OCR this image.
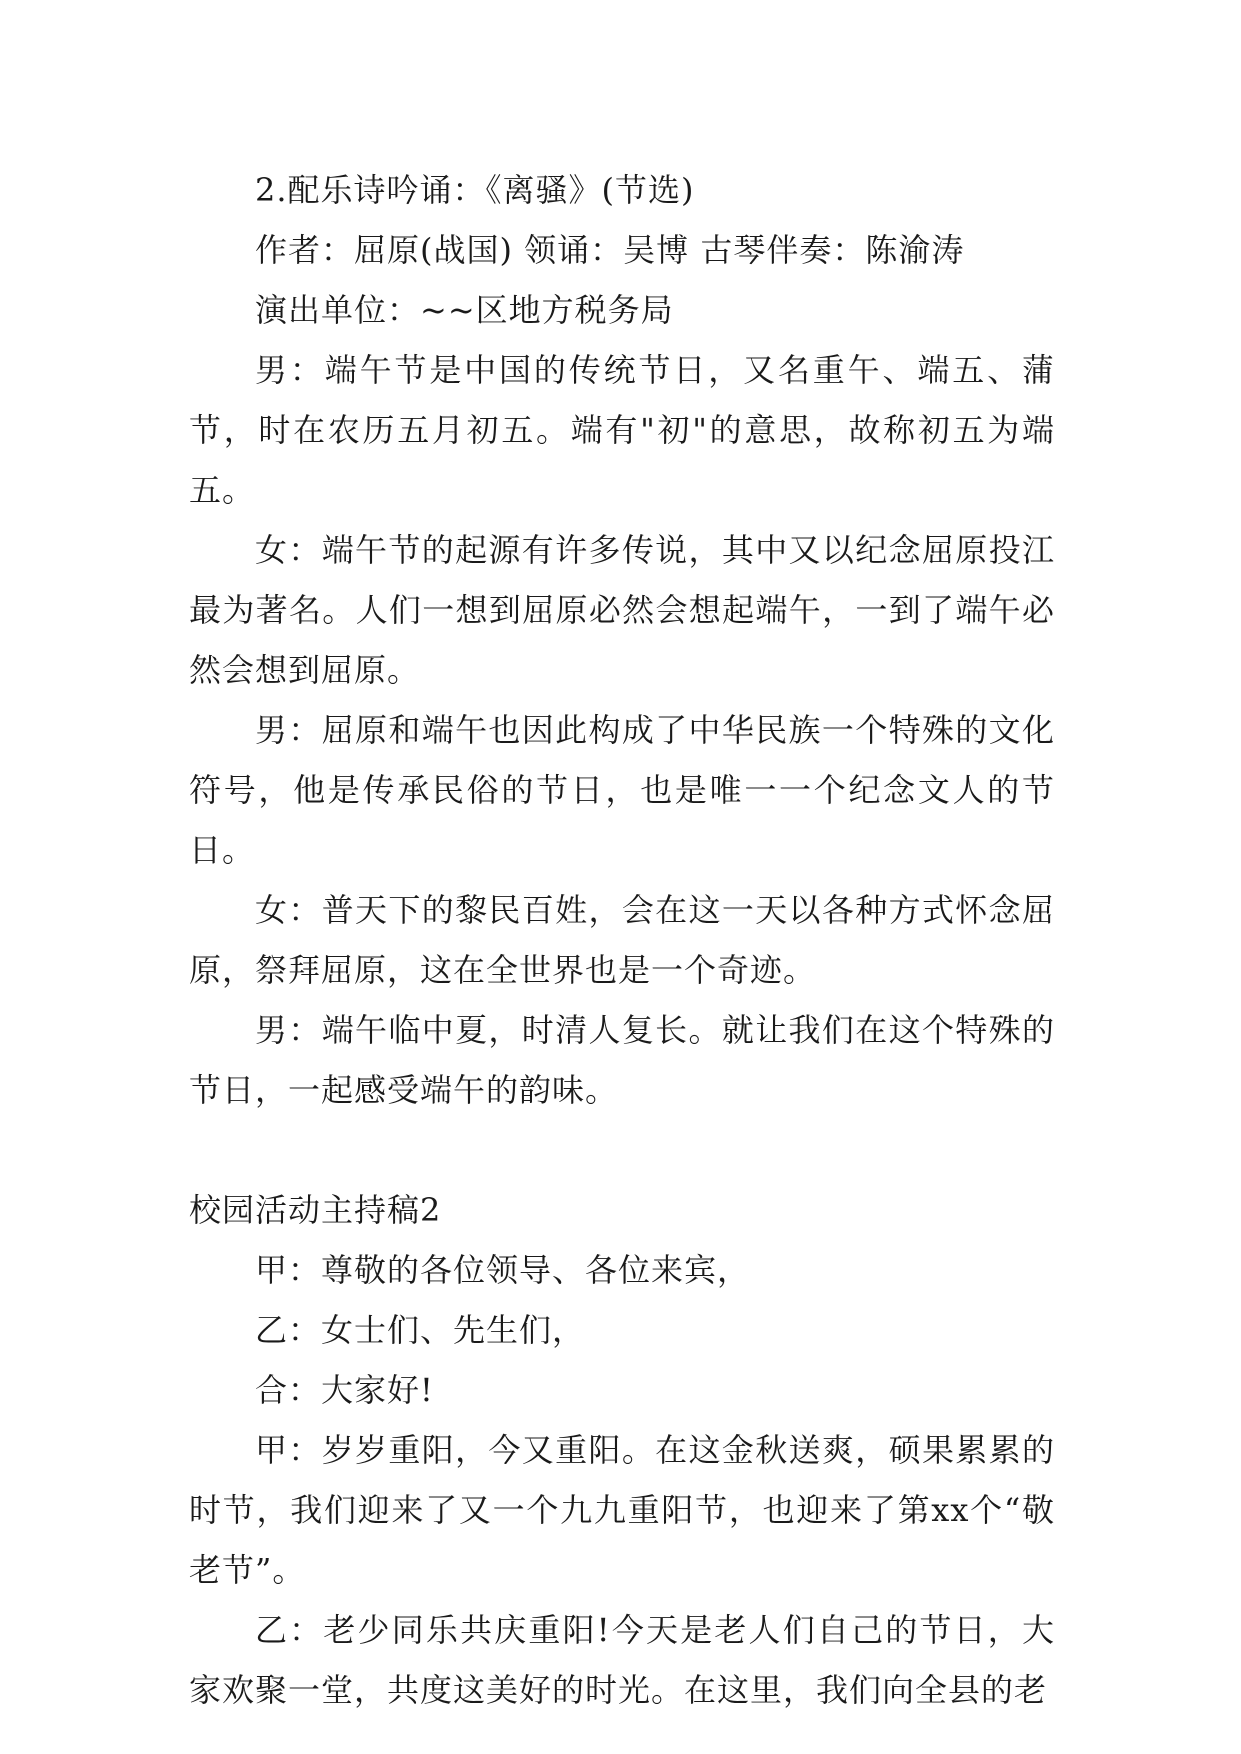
2.配乐诗吟诵：《离骚》(节选)

作者：屈原(战国) 领诵：吴博 古琴伴奏：陈渝涛

演出单位：~~区地方税务局

男：端午节是中国的传统节日，又名重午、端五、蒲节，时在农历五月初五。端有"初"的意思，故称初五为端五。

女：端午节的起源有许多传说，其中又以纪念屈原投江最为著名。人们一想到屈原必然会想起端午，一到了端午必然会想到屈原。

男：屈原和端午也因此构成了中华民族一个特殊的文化符号，他是传承民俗的节日，也是唯一一个纪念文人的节日。

女：普天下的黎民百姓，会在这一天以各种方式怀念屈原，祭拜屈原，这在全世界也是一个奇迹。

男：端午临中夏，时清人复长。就让我们在这个特殊的节日，一起感受端午的韵味。

校园活动主持稿2

甲：尊敬的各位领导、各位来宾，

乙：女士们、先生们，

合：大家好!

甲：岁岁重阳，今又重阳。在这金秋送爽，硕果累累的时节，我们迎来了又一个九九重阳节，也迎来了第xx个“敬老节”。

乙：老少同乐共庆重阳!今天是老人们自己的节日，大家欢聚一堂，共度这美好的时光。在这里，我们向全县的老
